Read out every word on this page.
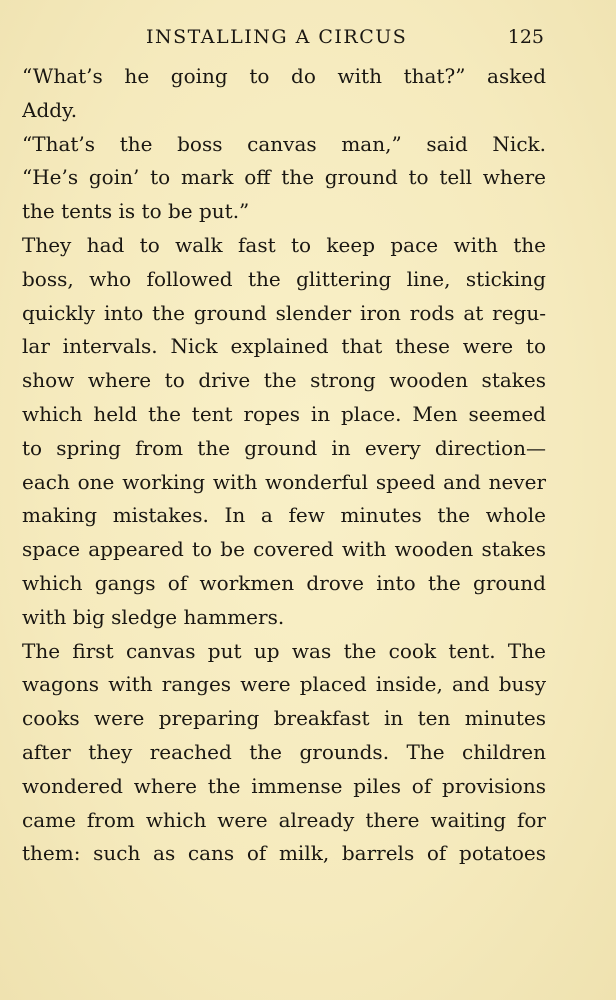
INSTALLING A CIRCUS	125
“What’s he going to do with that?” asked
Addy.
“That’s the boss canvas man,” said Nick.
“He’s goin’ to mark off the ground to tell where
the tents is to be put.”
They had to walk fast to keep pace with the
boss, who followed the glittering line, sticking
quickly into the ground slender iron rods at regu-
lar intervals. Nick explained that these were to
show where to drive the strong wooden stakes
which held the tent ropes in place. Men seemed
to spring from the ground in every direction—
each one working with wonderful speed and never
making mistakes. In a few minutes the whole
space appeared to be covered with wooden stakes
which gangs of workmen drove into the ground
with big sledge hammers.
The first canvas put up was the cook tent. The
wagons with ranges were placed inside, and busy
cooks were preparing breakfast in ten minutes
after they reached the grounds. The children
wondered where the immense piles of provisions
came from which were already there waiting for
them: such as cans of milk, barrels of potatoes
